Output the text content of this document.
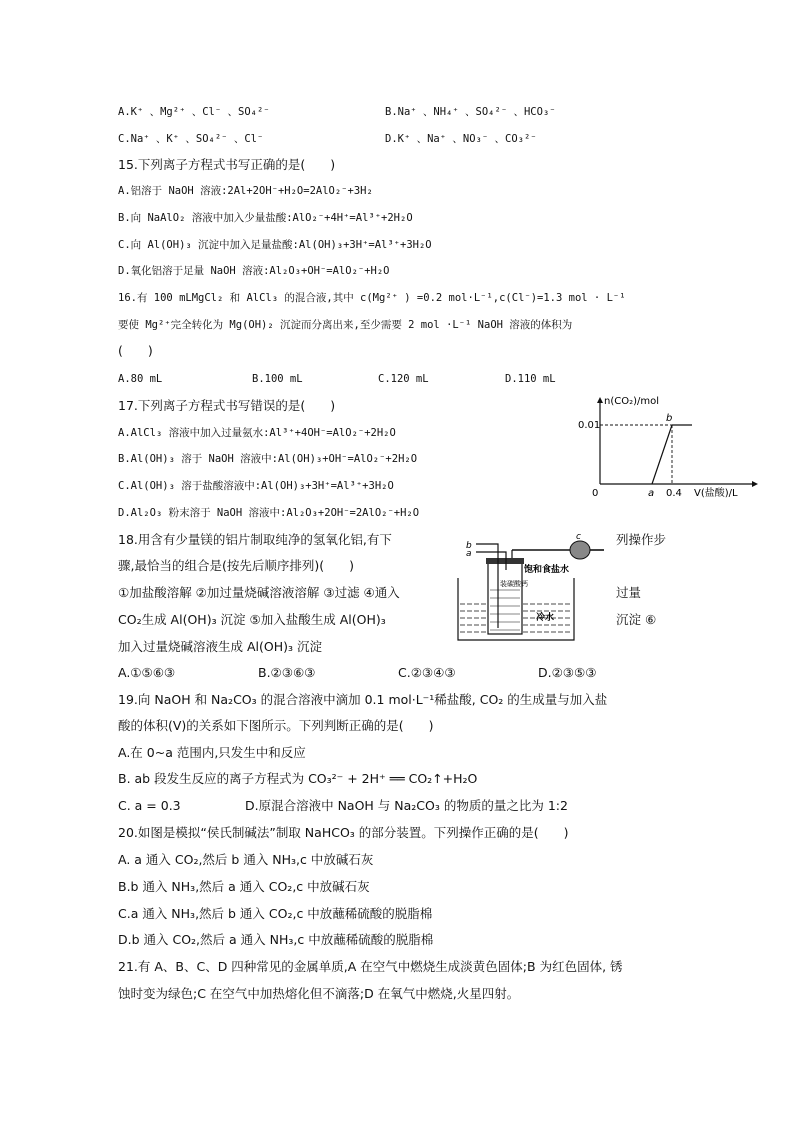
A.K⁺ 、Mg²⁺ 、Cl⁻ 、SO₄²⁻	B.Na⁺ 、NH₄⁺ 、SO₄²⁻ 、HCO₃⁻
C.Na⁺ 、K⁺ 、SO₄²⁻ 、Cl⁻	D.K⁺ 、Na⁺ 、NO₃⁻ 、CO₃²⁻
15.下列离子方程式书写正确的是(　　)
A.铝溶于 NaOH 溶液:2Al+2OH⁻+H₂O=2AlO₂⁻+3H₂
B.向 NaAlO₂ 溶液中加入少量盐酸:AlO₂⁻+4H⁺=Al³⁺+2H₂O
C.向 Al(OH)₃ 沉淀中加入足量盐酸:Al(OH)₃+3H⁺=Al³⁺+3H₂O
D.氧化铝溶于足量 NaOH 溶液:Al₂O₃+OH⁻=AlO₂⁻+H₂O
16.有 100 mLMgCl₂ 和 AlCl₃ 的混合液,其中 c(Mg²⁺ ) =0.2 mol·L⁻¹,c(Cl⁻)=1.3 mol · L⁻¹
要使 Mg²⁺完全转化为 Mg(OH)₂ 沉淀而分离出来,至少需要 2 mol ·L⁻¹ NaOH 溶液的体积为
(　　)
A.80 mL	B.100 mL	C.120 mL	D.110 mL
17.下列离子方程式书写错误的是(　　)
A.AlCl₃ 溶液中加入过量氨水:Al³⁺+4OH⁻=AlO₂⁻+2H₂O
B.Al(OH)₃ 溶于 NaOH 溶液中:Al(OH)₃+OH⁻=AlO₂⁻+2H₂O
C.Al(OH)₃ 溶于盐酸溶液中:Al(OH)₃+3H⁺=Al³⁺+3H₂O
D.Al₂O₃ 粉末溶于 NaOH 溶液中:Al₂O₃+2OH⁻=2AlO₂⁻+H₂O
n(CO₂)/mol
0.01
0	a
b
0.4 V(盐酸)/L
b
a
c
饱和食盐水
装碳酸钙
冷水
18.用含有少量镁的铝片制取纯净的氢氧化铝,有下	列操作步
骤,最恰当的组合是(按先后顺序排列)(　　)
①加盐酸溶解 ②加过量烧碱溶液溶解 ③过滤 ④通入	过量
CO₂生成 Al(OH)₃ 沉淀 ⑤加入盐酸生成 Al(OH)₃	沉淀 ⑥
加入过量烧碱溶液生成 Al(OH)₃ 沉淀
A.①⑤⑥③	B.②③⑥③	C.②③④③	D.②③⑤③
19.向 NaOH 和 Na₂CO₃ 的混合溶液中滴加 0.1 mol·L⁻¹稀盐酸, CO₂ 的生成量与加入盐
酸的体积(V)的关系如下图所示。下列判断正确的是(　　)
A.在 0~a 范围内,只发生中和反应
B. ab 段发生反应的离子方程式为 CO₃²⁻ + 2H⁺ ══ CO₂↑+H₂O
C. a = 0.3	D.原混合溶液中 NaOH 与 Na₂CO₃ 的物质的量之比为 1:2
20.如图是模拟“侯氏制碱法”制取 NaHCO₃ 的部分装置。下列操作正确的是(　　)
A. a 通入 CO₂,然后 b 通入 NH₃,c 中放碱石灰
B.b 通入 NH₃,然后 a 通入 CO₂,c 中放碱石灰
C.a 通入 NH₃,然后 b 通入 CO₂,c 中放蘸稀硫酸的脱脂棉
D.b 通入 CO₂,然后 a 通入 NH₃,c 中放蘸稀硫酸的脱脂棉
21.有 A、B、C、D 四种常见的金属单质,A 在空气中燃烧生成淡黄色固体;B 为红色固体, 锈
蚀时变为绿色;C 在空气中加热熔化但不滴落;D 在氧气中燃烧,火星四射。
